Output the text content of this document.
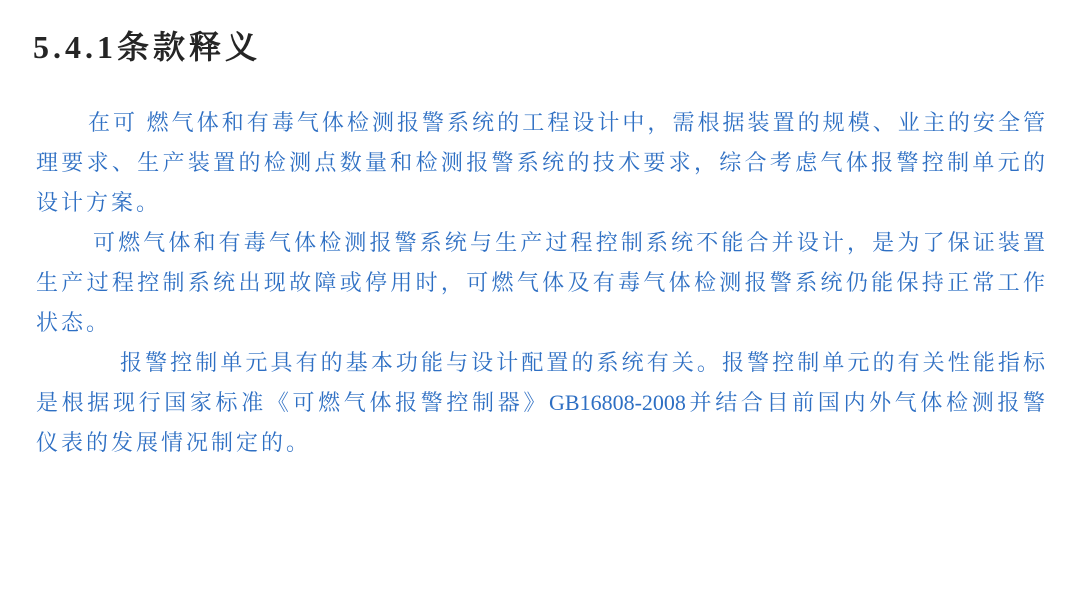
5.4.1条款释义
在可 燃气体和有毒气体检测报警系统的工程设计中，需根据装置的规模、业主的安全管
理要求、生产装置的检测点数量和检测报警系统的技术要求，综合考虑气体报警控制单元的
设计方案。
可燃气体和有毒气体检测报警系统与生产过程控制系统不能合并设计，是为了保证装置
生产过程控制系统出现故障或停用时，可燃气体及有毒气体检测报警系统仍能保持正常工作
状态。
报警控制单元具有的基本功能与设计配置的系统有关。报警控制单元的有关性能指标
是根据现行国家标准《可燃气体报警控制器》GB16808-2008并结合目前国内外气体检测报警
仪表的发展情况制定的。
